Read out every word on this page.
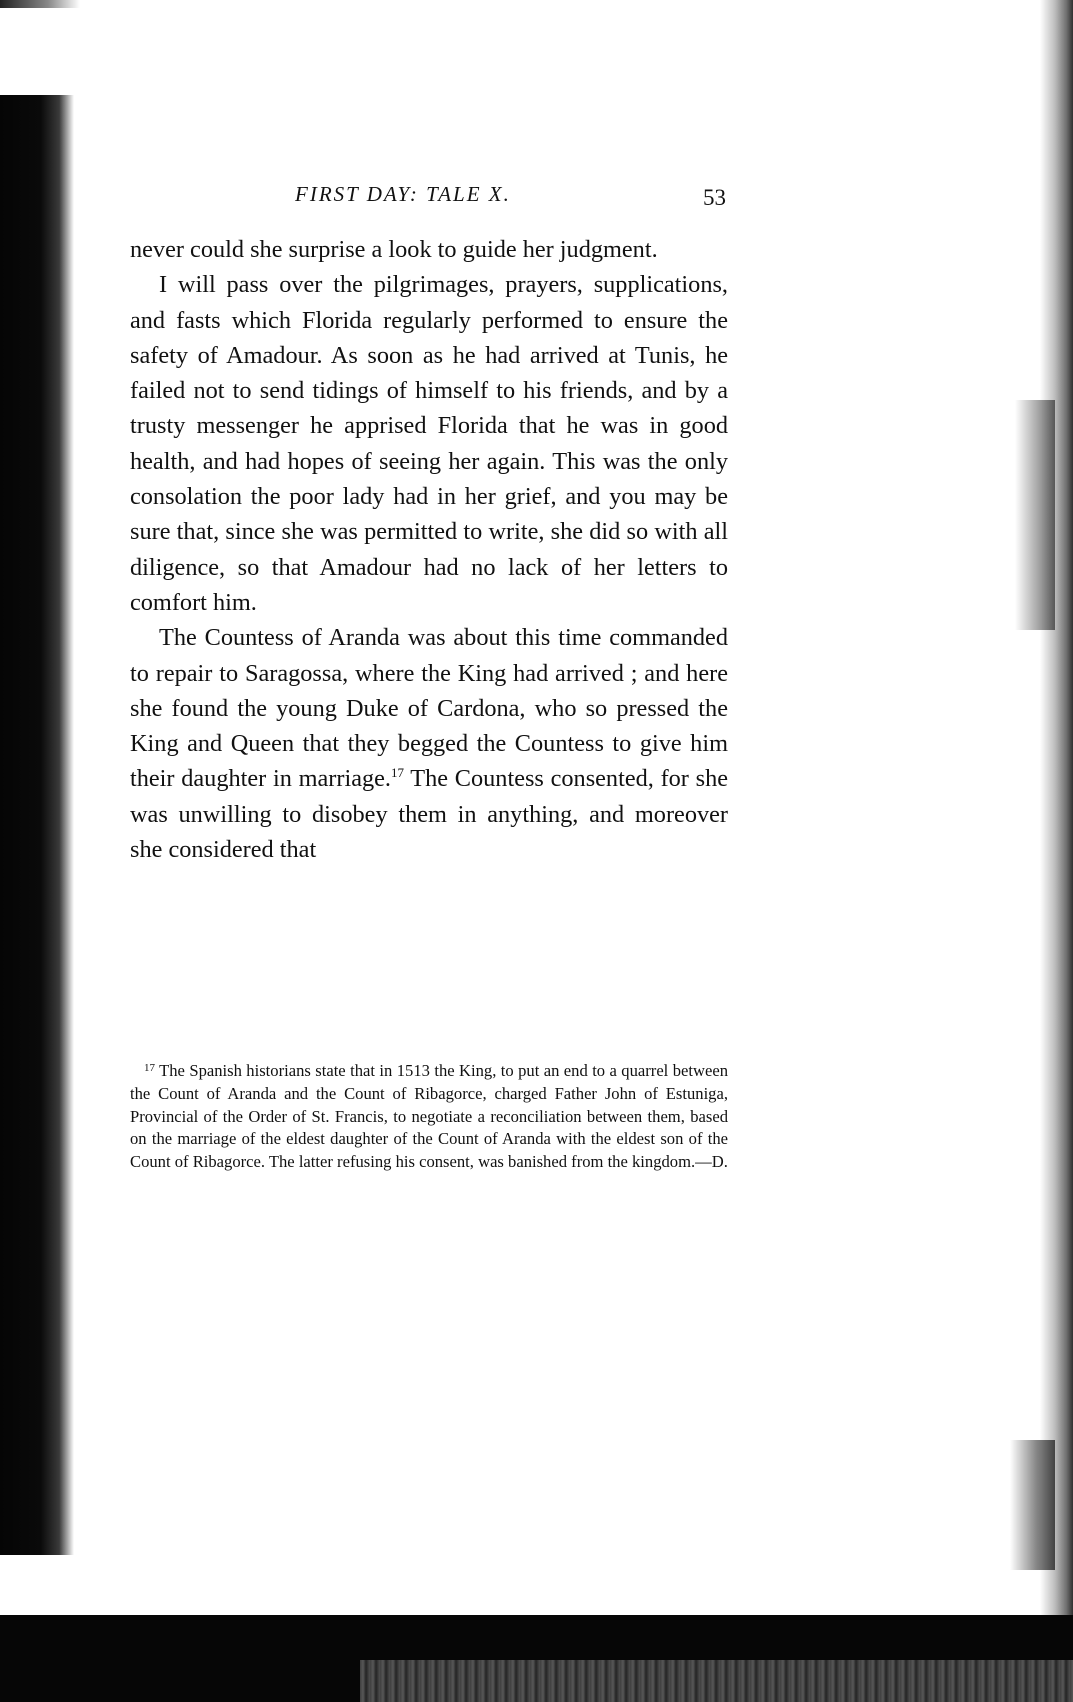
FIRST DAY: TALE X.	53

never could she surprise a look to guide her judgment.

I will pass over the pilgrimages, prayers, supplications, and fasts which Florida regularly performed to ensure the safety of Amadour. As soon as he had arrived at Tunis, he failed not to send tidings of himself to his friends, and by a trusty messenger he apprised Florida that he was in good health, and had hopes of seeing her again. This was the only consolation the poor lady had in her grief, and you may be sure that, since she was permitted to write, she did so with all diligence, so that Amadour had no lack of her letters to comfort him.

The Countess of Aranda was about this time commanded to repair to Saragossa, where the King had arrived ; and here she found the young Duke of Cardona, who so pressed the King and Queen that they begged the Countess to give him their daughter in marriage.$^{17}$ The Countess consented, for she was unwilling to disobey them in anything, and moreover she considered that

$^{17}$ The Spanish historians state that in 1513 the King, to put an end to a quarrel between the Count of Aranda and the Count of Ribagorce, charged Father John of Estuniga, Provincial of the Order of St. Francis, to negotiate a reconciliation between them, based on the marriage of the eldest daughter of the Count of Aranda with the eldest son of the Count of Ribagorce. The latter refusing his consent, was banished from the kingdom.—D.
